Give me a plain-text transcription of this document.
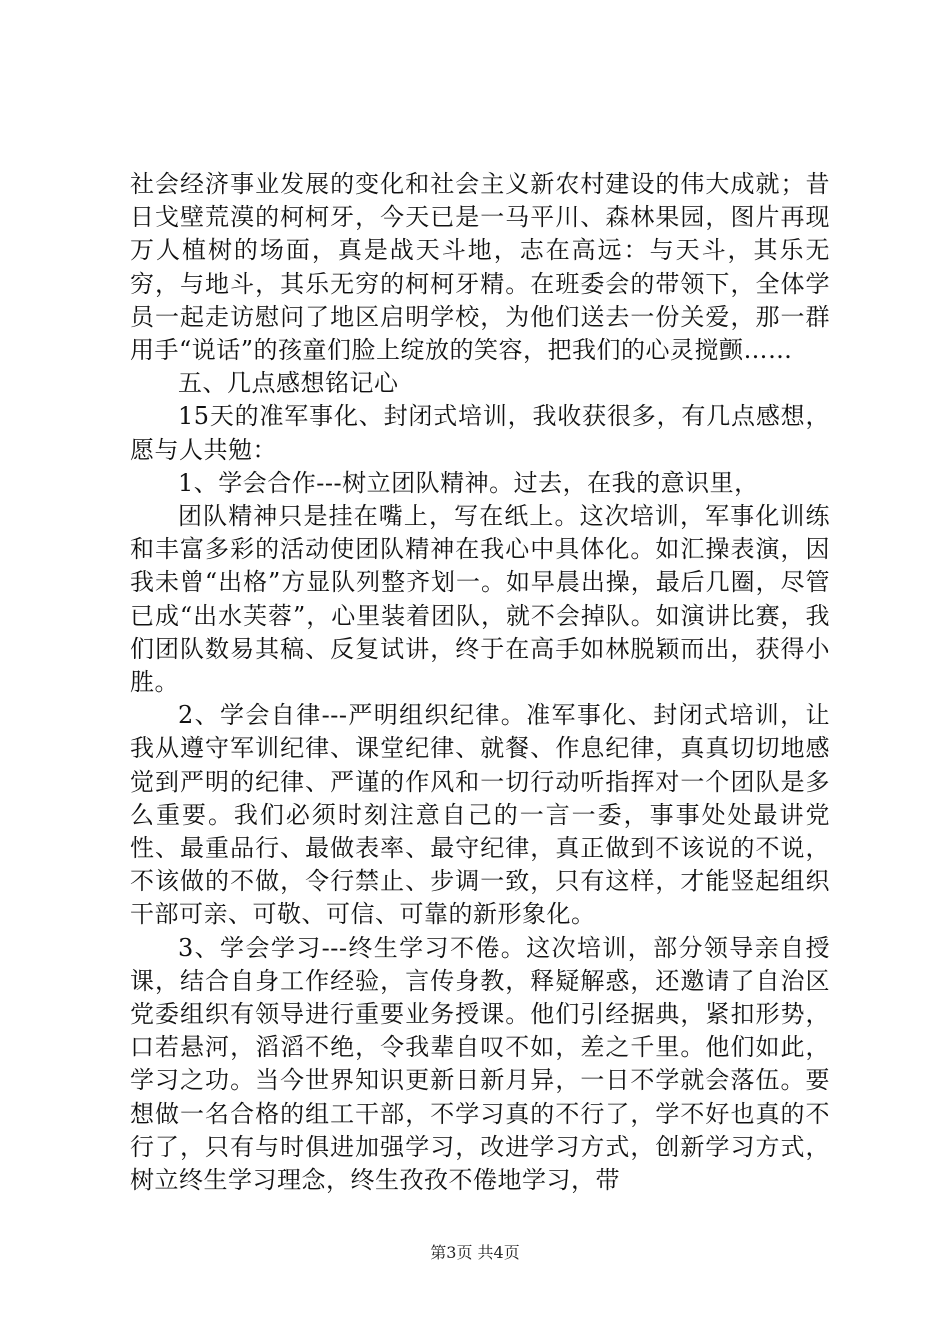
社会经济事业发展的变化和社会主义新农村建设的伟大成就；昔日戈壁荒漠的柯柯牙，今天已是一马平川、森林果园，图片再现万人植树的场面，真是战天斗地，志在高远：与天斗，其乐无穷，与地斗，其乐无穷的柯柯牙精。在班委会的带领下，全体学员一起走访慰问了地区启明学校，为他们送去一份关爱，那一群用手“说话”的孩童们脸上绽放的笑容，把我们的心灵搅颤……

五、几点感想铭记心

15天的准军事化、封闭式培训，我收获很多，有几点感想，愿与人共勉：

1、学会合作---树立团队精神。过去，在我的意识里，

团队精神只是挂在嘴上，写在纸上。这次培训，军事化训练和丰富多彩的活动使团队精神在我心中具体化。如汇操表演，因我未曾“出格”方显队列整齐划一。如早晨出操，最后几圈，尽管已成“出水芙蓉”，心里装着团队，就不会掉队。如演讲比赛，我们团队数易其稿、反复试讲，终于在高手如林脱颖而出，获得小胜。

2、学会自律---严明组织纪律。准军事化、封闭式培训，让我从遵守军训纪律、课堂纪律、就餐、作息纪律，真真切切地感觉到严明的纪律、严谨的作风和一切行动听指挥对一个团队是多么重要。我们必须时刻注意自己的一言一委，事事处处最讲党性、最重品行、最做表率、最守纪律，真正做到不该说的不说，不该做的不做，令行禁止、步调一致，只有这样，才能竖起组织干部可亲、可敬、可信、可靠的新形象化。

3、学会学习---终生学习不倦。这次培训，部分领导亲自授课，结合自身工作经验，言传身教，释疑解惑，还邀请了自治区党委组织有领导进行重要业务授课。他们引经据典，紧扣形势，口若悬河，滔滔不绝，令我辈自叹不如，差之千里。他们如此，学习之功。当今世界知识更新日新月异，一日不学就会落伍。要想做一名合格的组工干部，不学习真的不行了，学不好也真的不行了，只有与时俱进加强学习，改进学习方式，创新学习方式，树立终生学习理念，终生孜孜不倦地学习，带

第3页 共4页
